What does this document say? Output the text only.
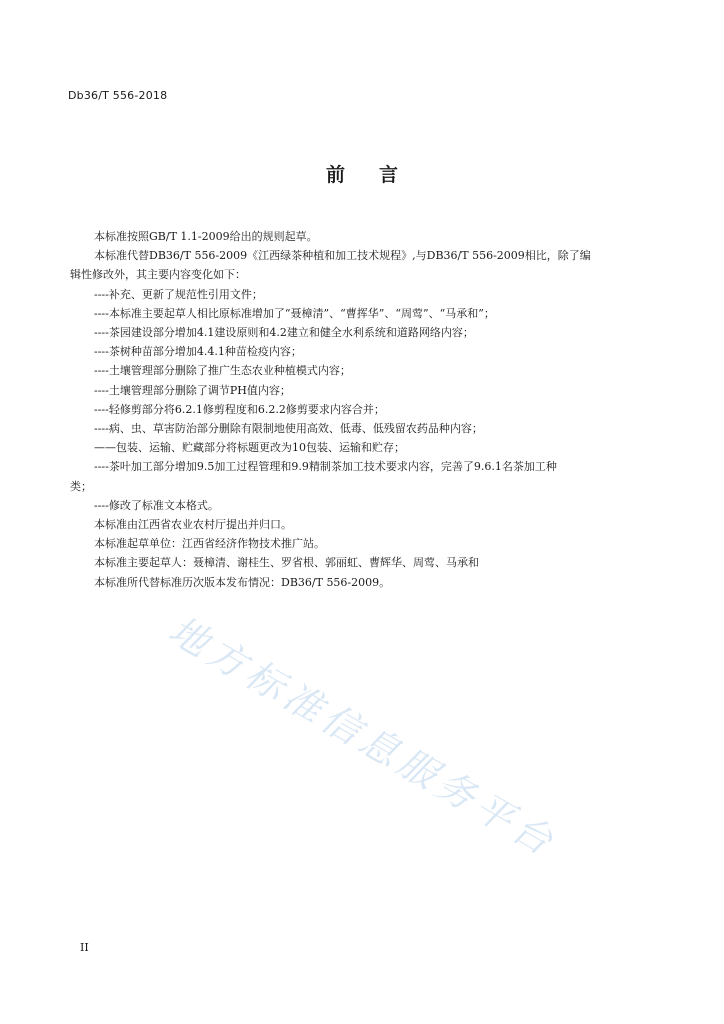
Db36/T 556-2018
前 言
本标准按照GB/T 1.1-2009给出的规则起草。
本标准代替DB36/T 556-2009《江西绿茶种植和加工技术规程》,与DB36/T 556-2009相比，除了编
辑性修改外，其主要内容变化如下：
----补充、更新了规范性引用文件；
----本标准主要起草人相比原标准增加了“聂樟清”、“曹挥华”、“周莺”、“马承和”；
----茶园建设部分增加4.1建设原则和4.2建立和健全水利系统和道路网络内容；
----茶树种苗部分增加4.4.1种苗检疫内容；
----土壤管理部分删除了推广生态农业种植模式内容；
----土壤管理部分删除了调节PH值内容；
----轻修剪部分将6.2.1修剪程度和6.2.2修剪要求内容合并；
----病、虫、草害防治部分删除有限制地使用高效、低毒、低残留农药品种内容；
——包装、运输、贮藏部分将标题更改为10包装、运输和贮存；
----茶叶加工部分增加9.5加工过程管理和9.9精制茶加工技术要求内容，完善了9.6.1名茶加工种
类；
----修改了标准文本格式。
本标准由江西省农业农村厅提出并归口。
本标准起草单位：江西省经济作物技术推广站。
本标准主要起草人：聂樟清、谢桂生、罗省根、郭丽虹、曹辉华、周莺、马承和
本标准所代替标准历次版本发布情况：DB36/T 556-2009。
地方标准信息服务平台
II
